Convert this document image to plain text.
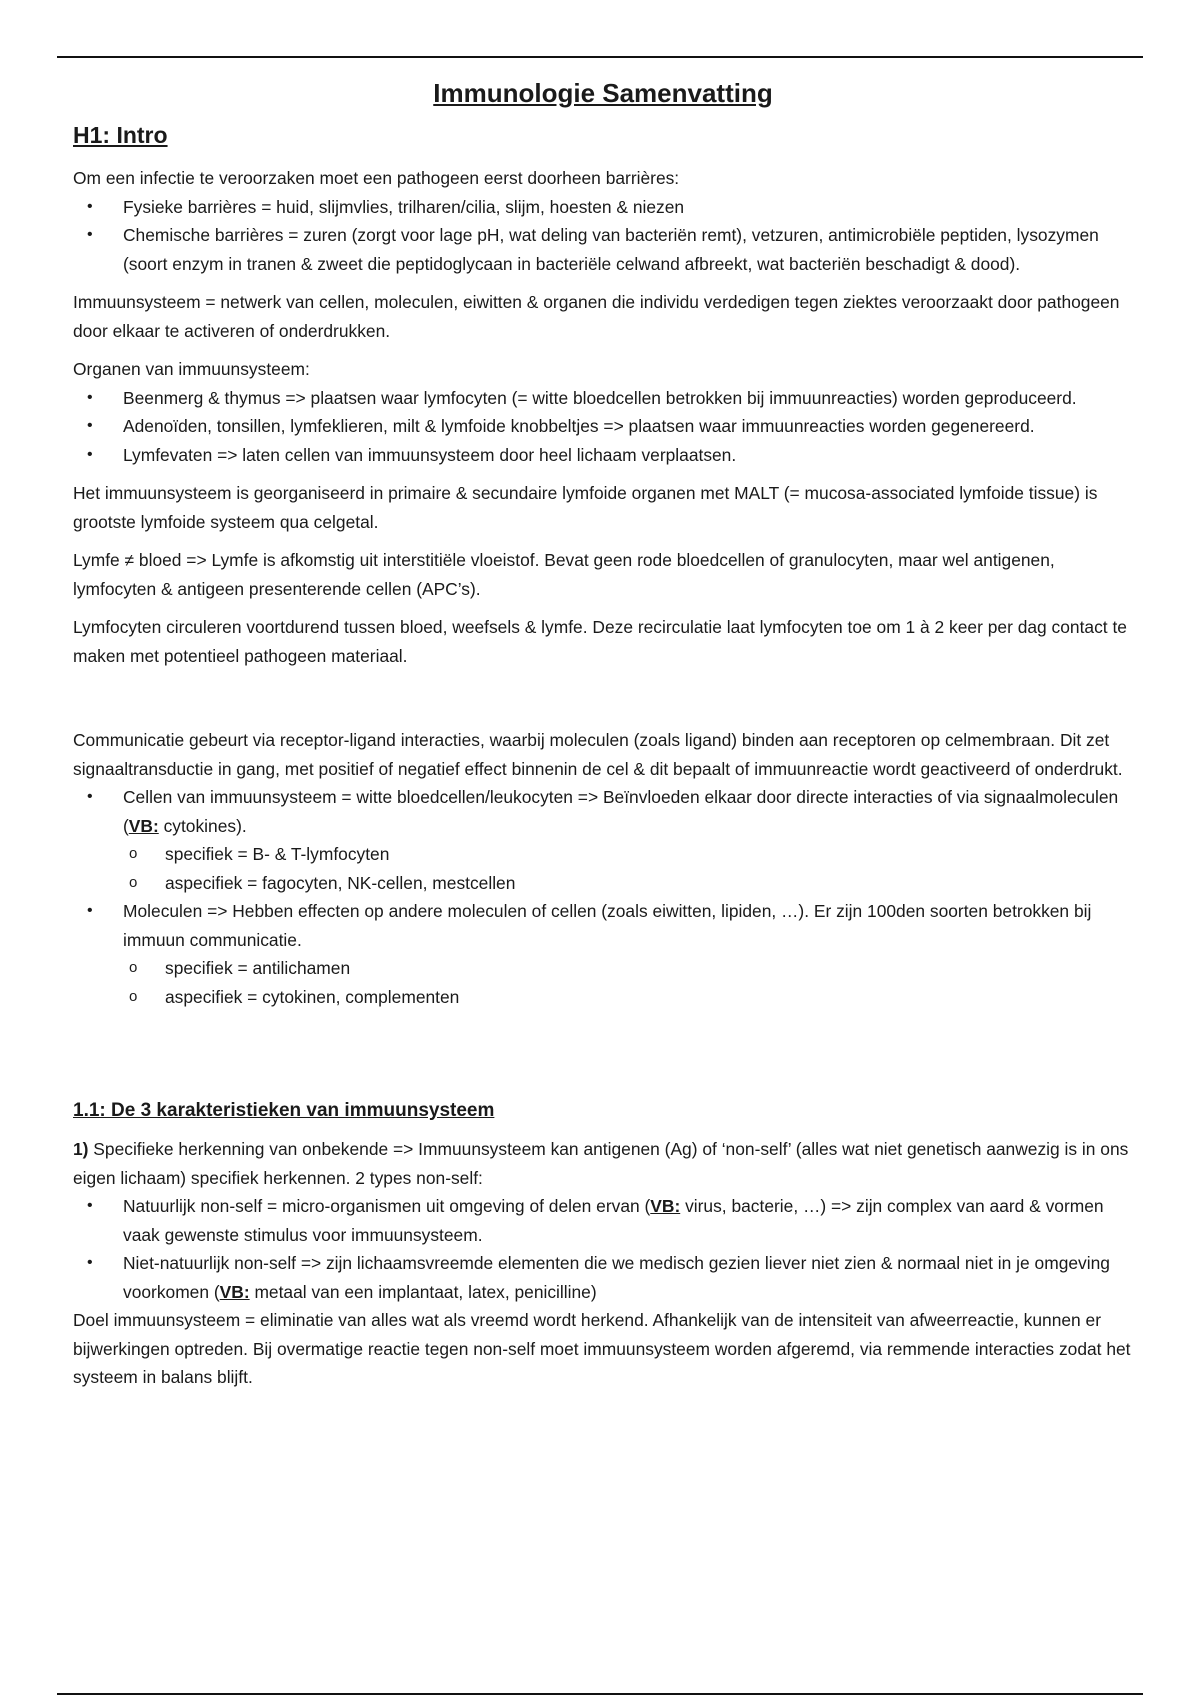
Immunologie Samenvatting
H1: Intro

Om een infectie te veroorzaken moet een pathogeen eerst doorheen barrières:

• Fysieke barrières = huid, slijmvlies, trilharen/cilia, slijm, hoesten & niezen
• Chemische barrières = zuren (zorgt voor lage pH, wat deling van bacteriën remt), vetzuren, antimicrobiële peptiden, lysozymen (soort enzym in tranen & zweet die peptidoglycaan in bacteriële celwand afbreekt, wat bacteriën beschadigt & dood).

Immuunsysteem = netwerk van cellen, moleculen, eiwitten & organen die individu verdedigen tegen ziektes veroorzaakt door pathogeen door elkaar te activeren of onderdrukken.

Organen van immuunsysteem:

• Beenmerg & thymus => plaatsen waar lymfocyten (= witte bloedcellen betrokken bij immuunreacties) worden geproduceerd.
• Adenoïden, tonsillen, lymfeklieren, milt & lymfoide knobbeltjes => plaatsen waar immuunreacties worden gegenereerd.
• Lymfevaten => laten cellen van immuunsysteem door heel lichaam verplaatsen.

Het immuunsysteem is georganiseerd in primaire & secundaire lymfoide organen met MALT (= mucosa-associated lymfoide tissue) is grootste lymfoide systeem qua celgetal.

Lymfe ≠ bloed => Lymfe is afkomstig uit interstitiële vloeistof. Bevat geen rode bloedcellen of granulocyten, maar wel antigenen, lymfocyten & antigeen presenterende cellen (APC’s).

Lymfocyten circuleren voortdurend tussen bloed, weefsels & lymfe. Deze recirculatie laat lymfocyten toe om 1 à 2 keer per dag contact te maken met potentieel pathogeen materiaal.

Communicatie gebeurt via receptor-ligand interacties, waarbij moleculen (zoals ligand) binden aan receptoren op celmembraan. Dit zet signaaltransductie in gang, met positief of negatief effect binnenin de cel & dit bepaalt of immuunreactie wordt geactiveerd of onderdrukt.

• Cellen van immuunsysteem = witte bloedcellen/leukocyten => Beïnvloeden elkaar door directe interacties of via signaalmoleculen (VB: cytokines).
o specifiek = B- & T-lymfocyten
o aspecifiek = fagocyten, NK-cellen, mestcellen
• Moleculen => Hebben effecten op andere moleculen of cellen (zoals eiwitten, lipiden, …). Er zijn 100den soorten betrokken bij immuun communicatie.
o specifiek = antilichamen
o aspecifiek = cytokinen, complementen
1.1: De 3 karakteristieken van immuunsysteem

1) Specifieke herkenning van onbekende => Immuunsysteem kan antigenen (Ag) of ‘non-self’ (alles wat niet genetisch aanwezig is in ons eigen lichaam) specifiek herkennen. 2 types non-self:

• Natuurlijk non-self = micro-organismen uit omgeving of delen ervan (VB: virus, bacterie, …) => zijn complex van aard & vormen vaak gewenste stimulus voor immuunsysteem.
• Niet-natuurlijk non-self => zijn lichaamsvreemde elementen die we medisch gezien liever niet zien & normaal niet in je omgeving voorkomen (VB: metaal van een implantaat, latex, penicilline)

Doel immuunsysteem = eliminatie van alles wat als vreemd wordt herkend. Afhankelijk van de intensiteit van afweerreactie, kunnen er bijwerkingen optreden. Bij overmatige reactie tegen non-self moet immuunsysteem worden afgeremd, via remmende interacties zodat het systeem in balans blijft.
